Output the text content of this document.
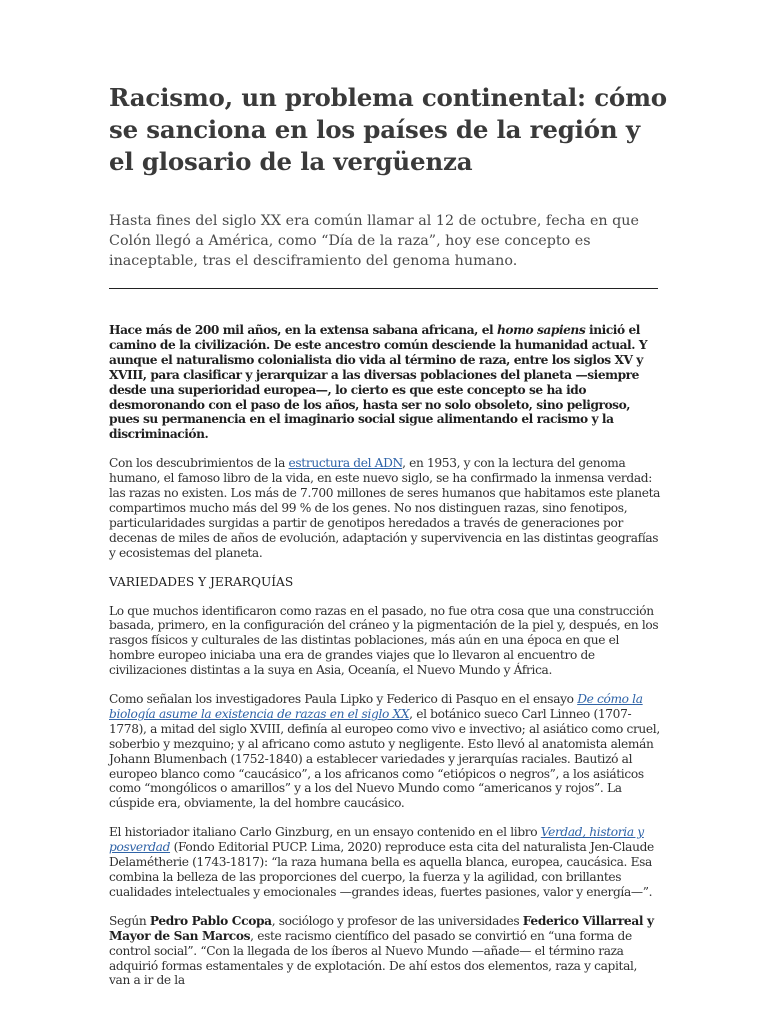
Racismo, un problema continental: cómo se sanciona en los países de la región y el glosario de la vergüenza

Hasta fines del siglo XX era común llamar al 12 de octubre, fecha en que Colón llegó a América, como “Día de la raza”, hoy ese concepto es inaceptable, tras el desciframiento del genoma humano.

Hace más de 200 mil años, en la extensa sabana africana, el homo sapiens inició el camino de la civilización. De este ancestro común desciende la humanidad actual. Y aunque el naturalismo colonialista dio vida al término de raza, entre los siglos XV y XVIII, para clasificar y jerarquizar a las diversas poblaciones del planeta —siempre desde una superioridad europea—, lo cierto es que este concepto se ha ido desmoronando con el paso de los años, hasta ser no solo obsoleto, sino peligroso, pues su permanencia en el imaginario social sigue alimentando el racismo y la discriminación.

Con los descubrimientos de la estructura del ADN, en 1953, y con la lectura del genoma humano, el famoso libro de la vida, en este nuevo siglo, se ha confirmado la inmensa verdad: las razas no existen. Los más de 7.700 millones de seres humanos que habitamos este planeta compartimos mucho más del 99 % de los genes. No nos distinguen razas, sino fenotipos, particularidades surgidas a partir de genotipos heredados a través de generaciones por decenas de miles de años de evolución, adaptación y supervivencia en las distintas geografías y ecosistemas del planeta.

VARIEDADES Y JERARQUÍAS

Lo que muchos identificaron como razas en el pasado, no fue otra cosa que una construcción basada, primero, en la configuración del cráneo y la pigmentación de la piel y, después, en los rasgos físicos y culturales de las distintas poblaciones, más aún en una época en que el hombre europeo iniciaba una era de grandes viajes que lo llevaron al encuentro de civilizaciones distintas a la suya en Asia, Oceanía, el Nuevo Mundo y África.

Como señalan los investigadores Paula Lipko y Federico di Pasquo en el ensayo De cómo la biología asume la existencia de razas en el siglo XX, el botánico sueco Carl Linneo (1707-1778), a mitad del siglo XVIII, definía al europeo como vivo e invectivo; al asiático como cruel, soberbio y mezquino; y al africano como astuto y negligente. Esto llevó al anatomista alemán Johann Blumenbach (1752-1840) a establecer variedades y jerarquías raciales. Bautizó al europeo blanco como “caucásico”, a los africanos como “etiópicos o negros”, a los asiáticos como “mongólicos o amarillos” y a los del Nuevo Mundo como “americanos y rojos”. La cúspide era, obviamente, la del hombre caucásico.

El historiador italiano Carlo Ginzburg, en un ensayo contenido en el libro Verdad, historia y posverdad (Fondo Editorial PUCP. Lima, 2020) reproduce esta cita del naturalista Jen-Claude Delamétherie (1743-1817): “la raza humana bella es aquella blanca, europea, caucásica. Esa combina la belleza de las proporciones del cuerpo, la fuerza y la agilidad, con brillantes cualidades intelectuales y emocionales —grandes ideas, fuertes pasiones, valor y energía—”.

Según Pedro Pablo Ccopa, sociólogo y profesor de las universidades Federico Villarreal y Mayor de San Marcos, este racismo científico del pasado se convirtió en “una forma de control social”. “Con la llegada de los íberos al Nuevo Mundo —añade— el término raza adquirió formas estamentales y de explotación. De ahí estos dos elementos, raza y capital, van a ir de la
